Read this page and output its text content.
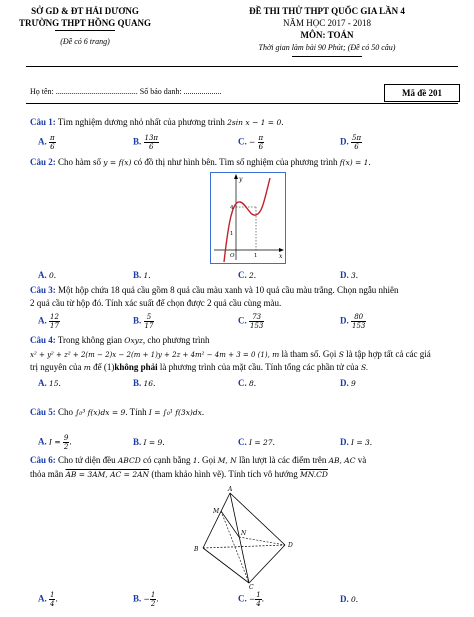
SỞ GD & ĐT HẢI DƯƠNG
TRƯỜNG THPT HỒNG QUANG
(Đề có 6 trang)
ĐỀ THI THỬ THPT QUỐC GIA LẦN 4
NĂM HỌC 2017 - 2018
MÔN: TOÁN
Thời gian làm bài 90 Phút; (Đề có 50 câu)
Mã đề 201
Họ tên: ......................................... Số báo danh: ...................
Câu 1: Tìm nghiệm dương nhỏ nhất của phương trình 2sin x − 1 = 0.
A. $\frac{\pi}{6}$	B. $\frac{13\pi}{6}$	C. − $\frac{\pi}{6}$	D. $\frac{5\pi}{6}$
Câu 2: Cho hàm số y = f(x) có đồ thị như hình bên. Tìm số nghiệm của phương trình f(x) = 1.
y
x
4
1
O	1
A. 0.	B. 1.	C. 2.	D. 3.
Câu 3: Một hộp chứa 18 quả cầu gồm 8 quả cầu màu xanh và 10 quả cầu màu trắng. Chọn ngẫu nhiên
2 quả cầu từ hộp đó. Tính xác suất để chọn được 2 quả cầu cùng màu.
A. $\frac{12}{17}$	B. $\frac{5}{17}$	C. $\frac{73}{153}$	D. $\frac{80}{153}$
Câu 4: Trong không gian Oxyz, cho phương trình
x² + y² + z² + 2(m − 2)x − 2(m + 1)y + 2z + 4m² − 4m + 3 = 0 (1), m là tham số. Gọi S là tập hợp tất cả các giá
trị nguyên của m để (1)không phải là phương trình của mặt cầu. Tính tổng các phần tử của S.
A. 15.	B. 16.	C. 8.	D. 9
Câu 5: Cho ∫₀³ f(x)dx = 9. Tính I = ∫₀¹ f(3x)dx.
A. $I = \frac{9}{2}$ .	B. I = 9.	C. I = 27.	D. I = 3.
Câu 6: Cho tứ diện đều ABCD có cạnh bằng 1. Gọi M, N lần lượt là các điểm trên AB, AC và
thỏa mãn AB = 3AM, AC = 2AN (tham khảo hình vẽ). Tính tích vô hướng MN.CD
A
B
C
D
M
N
A. $\frac{1}{4}$ .	B. − $\frac{1}{2}$ .	C. − $\frac{1}{4}$ .	D. 0.
